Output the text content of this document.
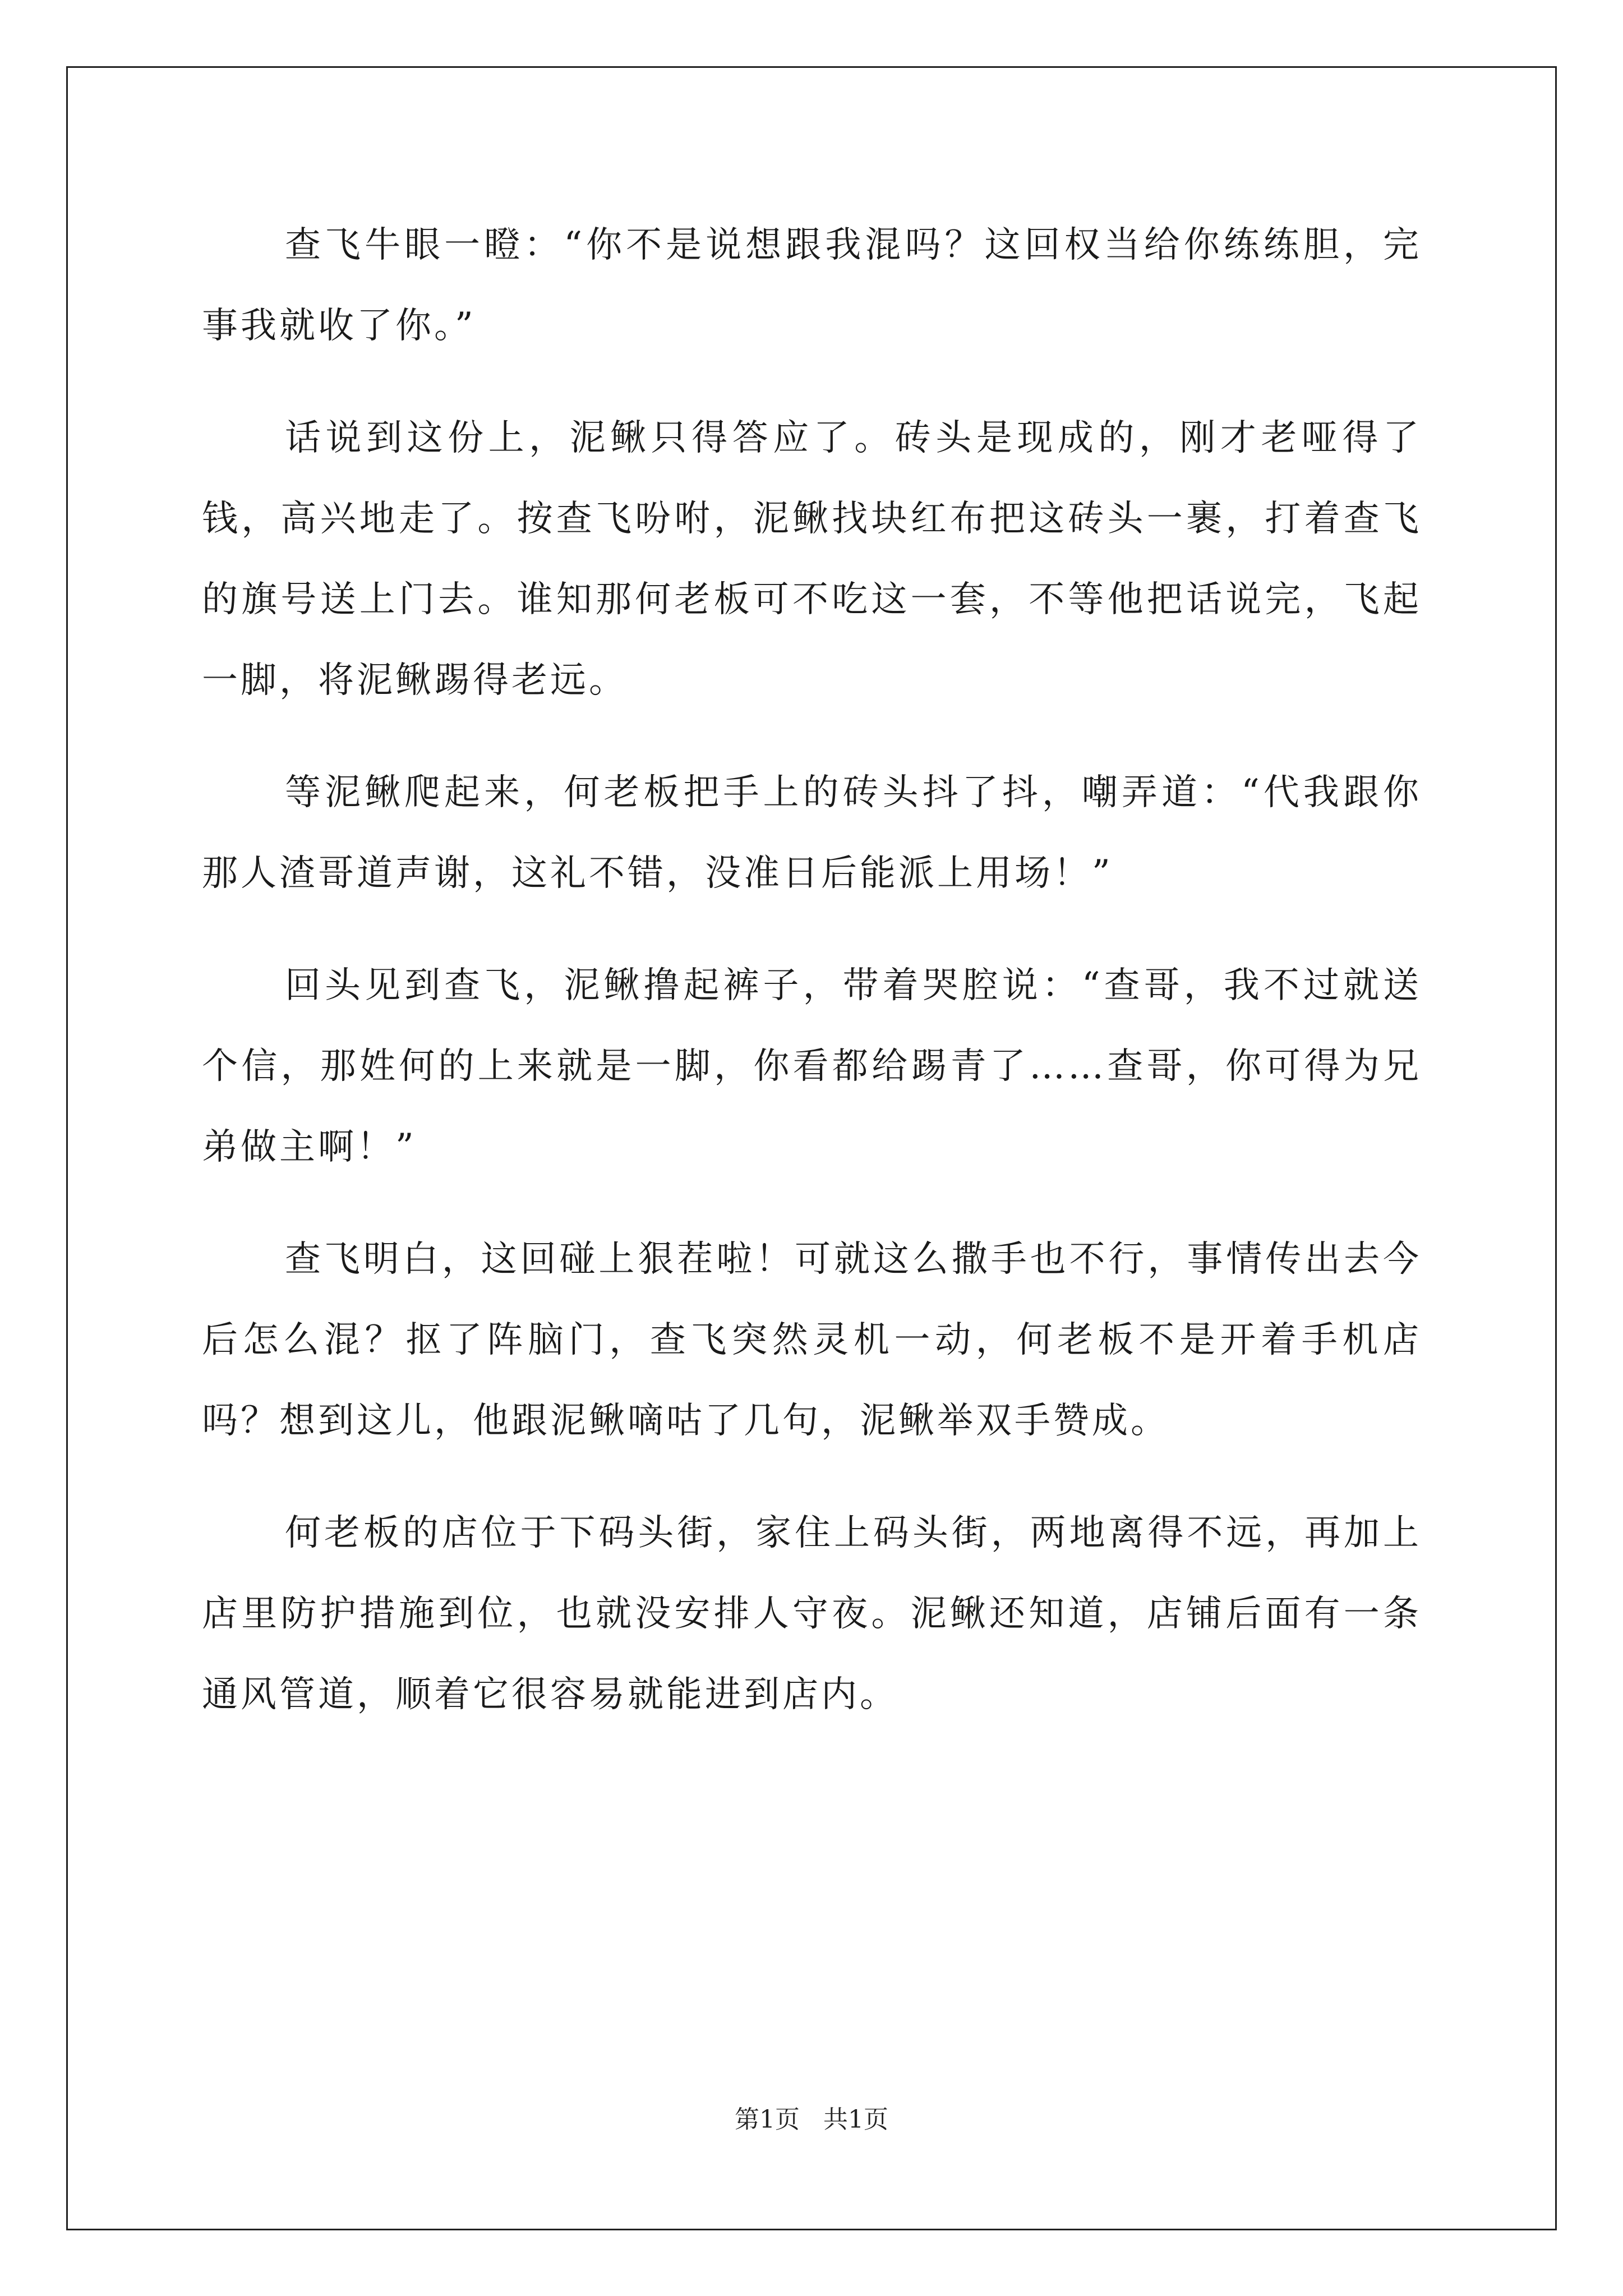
查飞牛眼一瞪：“你不是说想跟我混吗？这回权当给你练练胆，完事我就收了你。”

话说到这份上，泥鳅只得答应了。砖头是现成的，刚才老哑得了钱，高兴地走了。按查飞吩咐，泥鳅找块红布把这砖头一裹，打着查飞的旗号送上门去。谁知那何老板可不吃这一套，不等他把话说完，飞起一脚，将泥鳅踢得老远。

等泥鳅爬起来，何老板把手上的砖头抖了抖，嘲弄道：“代我跟你那人渣哥道声谢，这礼不错，没准日后能派上用场！”

回头见到查飞，泥鳅撸起裤子，带着哭腔说：“查哥，我不过就送个信，那姓何的上来就是一脚，你看都给踢青了……查哥，你可得为兄弟做主啊！”

查飞明白，这回碰上狠茬啦！可就这么撒手也不行，事情传出去今后怎么混？抠了阵脑门，查飞突然灵机一动，何老板不是开着手机店吗？想到这儿，他跟泥鳅嘀咕了几句，泥鳅举双手赞成。

何老板的店位于下码头街，家住上码头街，两地离得不远，再加上店里防护措施到位，也就没安排人守夜。泥鳅还知道，店铺后面有一条通风管道，顺着它很容易就能进到店内。

第1页   共1页
